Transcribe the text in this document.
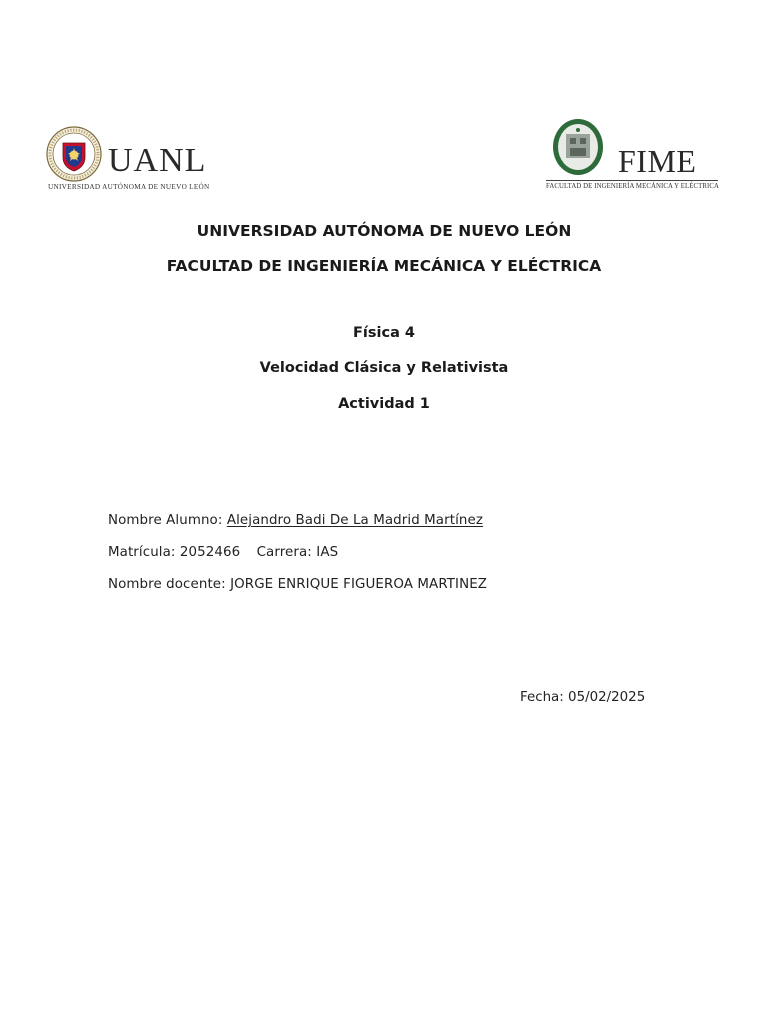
UANL
UNIVERSIDAD AUTÓNOMA DE NUEVO LEÓN
FIME
FACULTAD DE INGENIERÍA MECÁNICA Y ELÉCTRICA
UNIVERSIDAD AUTÓNOMA DE NUEVO LEÓN
FACULTAD DE INGENIERÍA MECÁNICA Y ELÉCTRICA
Física 4
Velocidad Clásica y Relativista
Actividad 1
Nombre Alumno: Alejandro Badi De La Madrid Martínez
Matrícula: 2052466 Carrera: IAS
Nombre docente: JORGE ENRIQUE FIGUEROA MARTINEZ
Fecha: 05/02/2025
